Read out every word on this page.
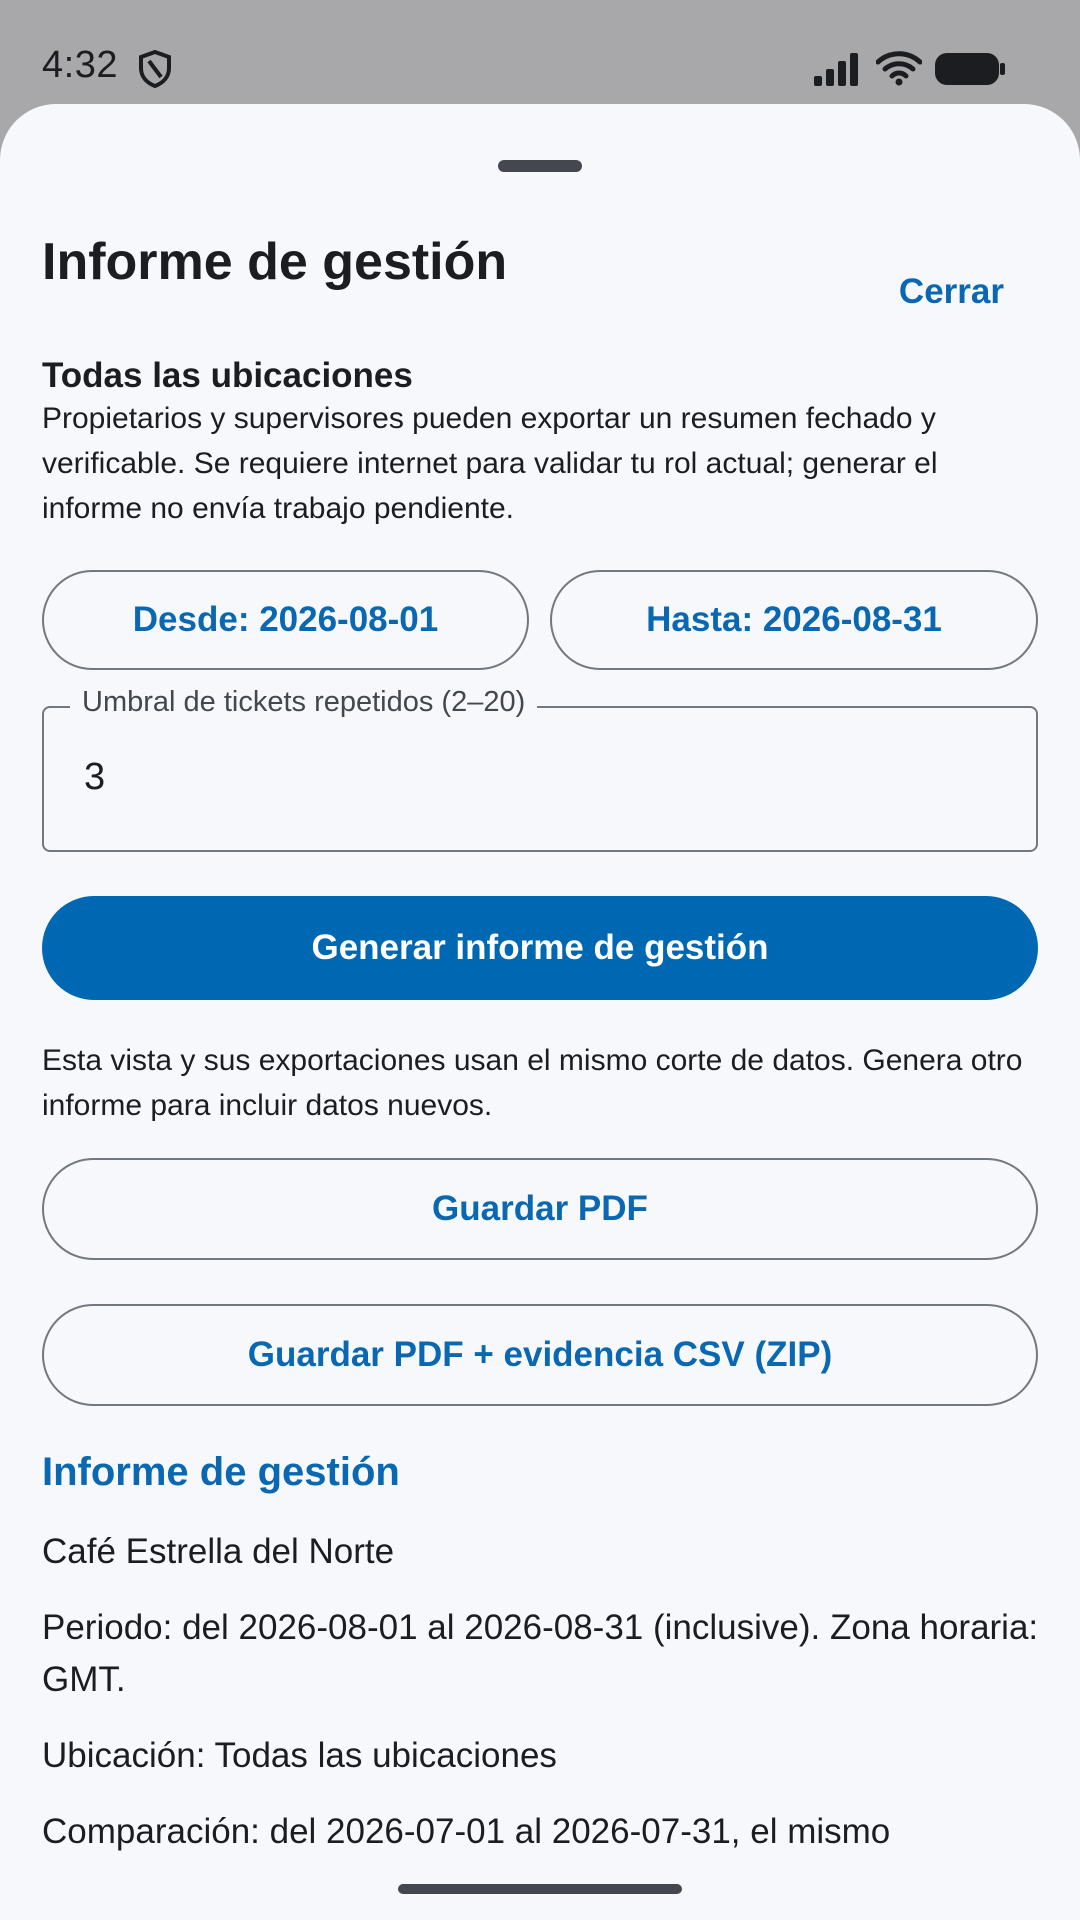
4:32
Informe de gestión
Cerrar
Todas las ubicaciones
Propietarios y supervisores pueden exportar un resumen fechado y verificable. Se requiere internet para validar tu rol actual; generar el informe no envía trabajo pendiente.
Desde: 2026-08-01	Hasta: 2026-08-31
Umbral de tickets repetidos (2–20)
3
Generar informe de gestión
Esta vista y sus exportaciones usan el mismo corte de datos. Genera otro informe para incluir datos nuevos.
Guardar PDF
Guardar PDF + evidencia CSV (ZIP)
Informe de gestión
Café Estrella del Norte
Periodo: del 2026-08-01 al 2026-08-31 (inclusive). Zona horaria: GMT.
Ubicación: Todas las ubicaciones
Comparación: del 2026-07-01 al 2026-07-31, el mismo
